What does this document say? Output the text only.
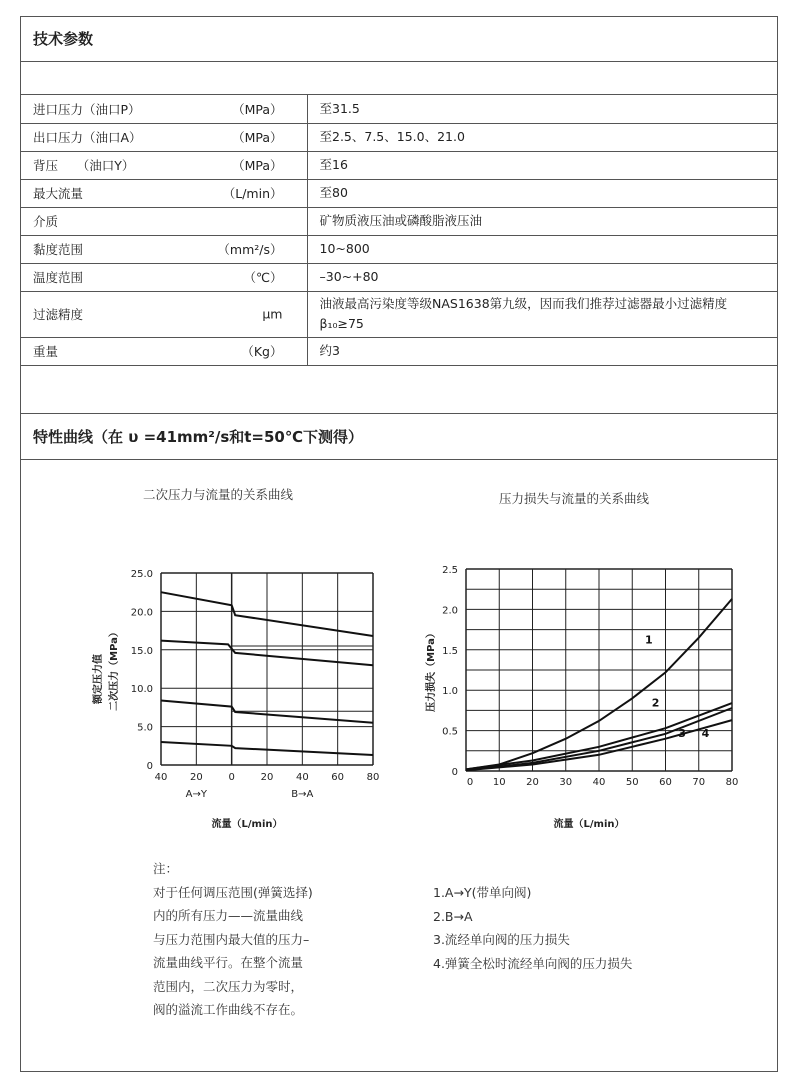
技术参数
进口压力（油口P） （MPa）	至31.5
出口压力（油口A） （MPa）	至2.5、7.5、15.0、21.0
背压　　（油口Y） （MPa）	至16
最大流量 （L/min）	至80
介质	矿物质液压油或磷酸脂液压油
黏度范围 （mm²/s）	10~800
温度范围 （℃）	–30~+80
过滤精度 μm	油液最高污染度等级NAS1638第九级，因而我们推荐过滤器最小过滤精度 β₁₀≥75
重量 （Kg）	约3
特性曲线（在 υ =41mm²/s和t=50℃下测得）
二次压力与流量的关系曲线	压力损失与流量的关系曲线
0
5.0
10.0
15.0
20.0
25.0
40 20	0	20 40 60 80
A→Y	B→A
流量（L/min）
二次压力（MPa）
额定压力值
1
2
3 4
0
0.5
1.0
1.5
2.0
2.5
0 10 20 30 40 50 60 70 80
流量（L/min）
压力损失（MPa）
注：
对于任何调压范围(弹簧选择)
内的所有压力——流量曲线
与压力范围内最大值的压力–
流量曲线平行。在整个流量
范围内，二次压力为零时，
阀的溢流工作曲线不存在。
1.A→Y(带单向阀)
2.B→A
3.流经单向阀的压力损失
4.弹簧全松时流经单向阀的压力损失
